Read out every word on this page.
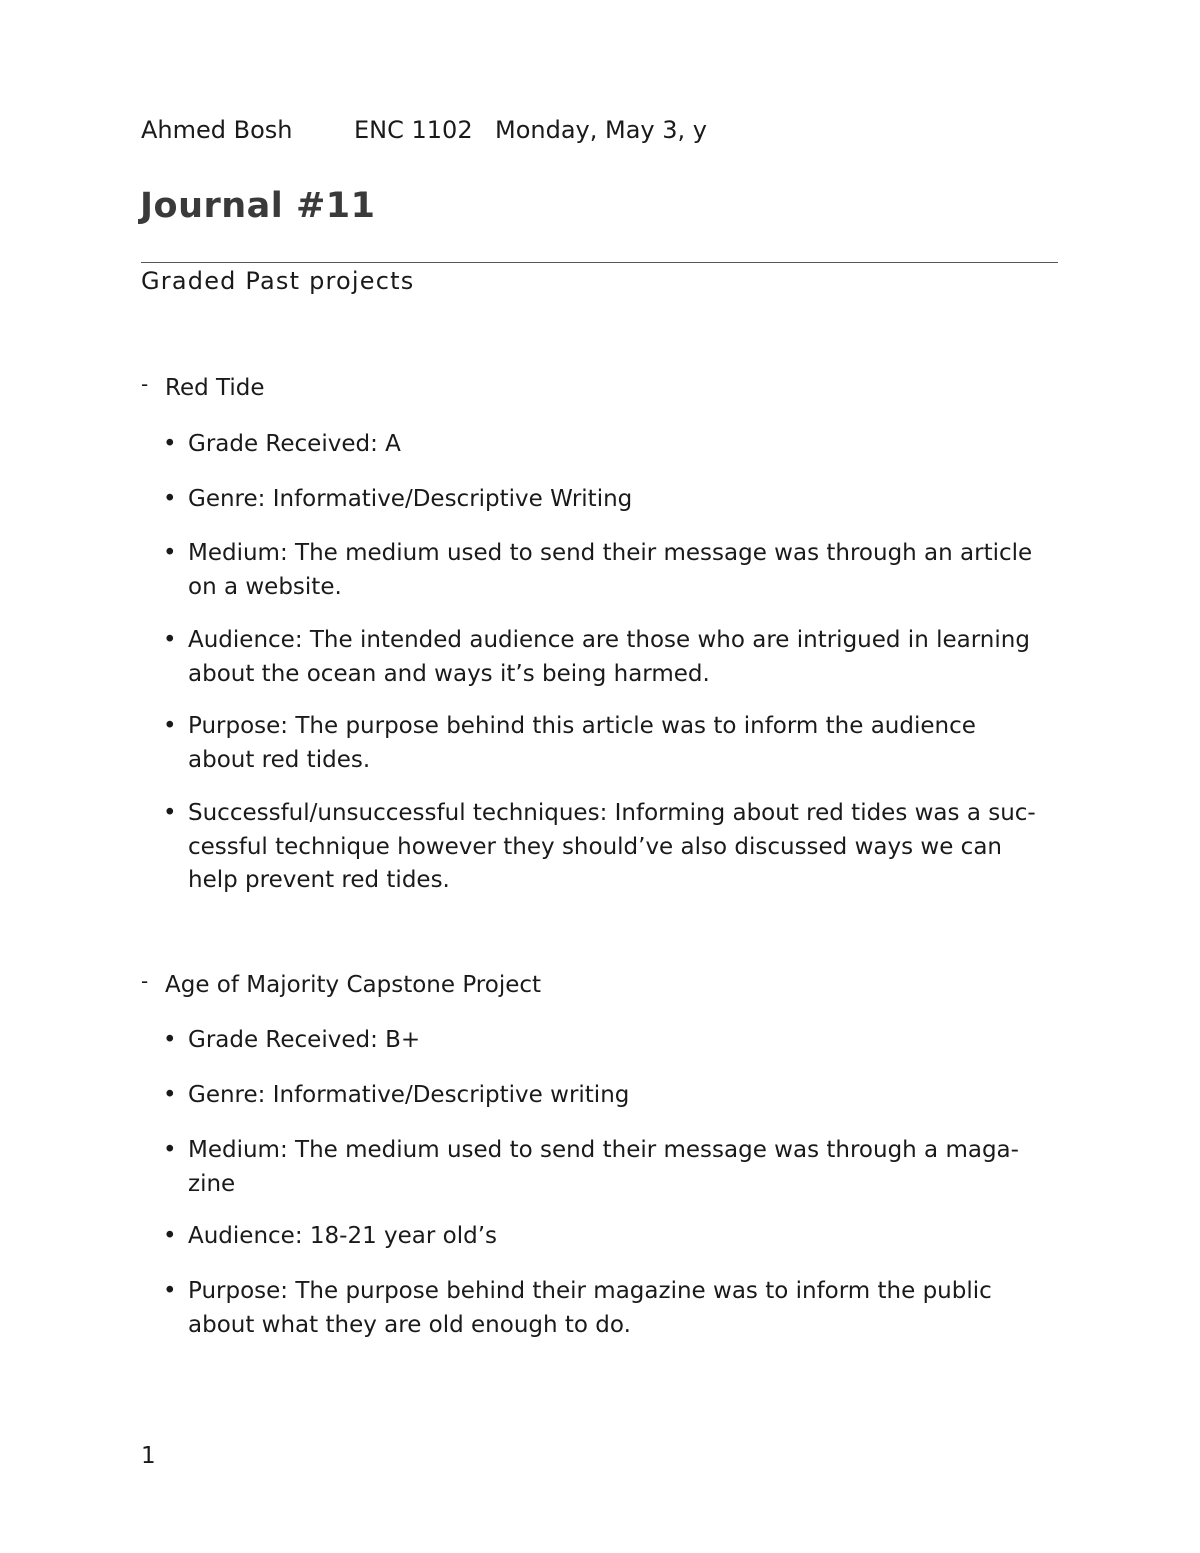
Ahmed Bosh	ENC 1102 Monday, May 3, y
Journal #11
Graded Past projects
- Red Tide
• Grade Received: A
• Genre: Informative/Descriptive Writing
• Medium: The medium used to send their message was through an article
on a website.
• Audience: The intended audience are those who are intrigued in learning
about the ocean and ways it’s being harmed.
• Purpose: The purpose behind this article was to inform the audience
about red tides.
• Successful/unsuccessful techniques: Informing about red tides was a suc-
cessful technique however they should’ve also discussed ways we can
help prevent red tides.
- Age of Majority Capstone Project
• Grade Received: B+
• Genre: Informative/Descriptive writing
• Medium: The medium used to send their message was through a maga-
zine
• Audience: 18-21 year old’s
• Purpose: The purpose behind their magazine was to inform the public
about what they are old enough to do.
1
